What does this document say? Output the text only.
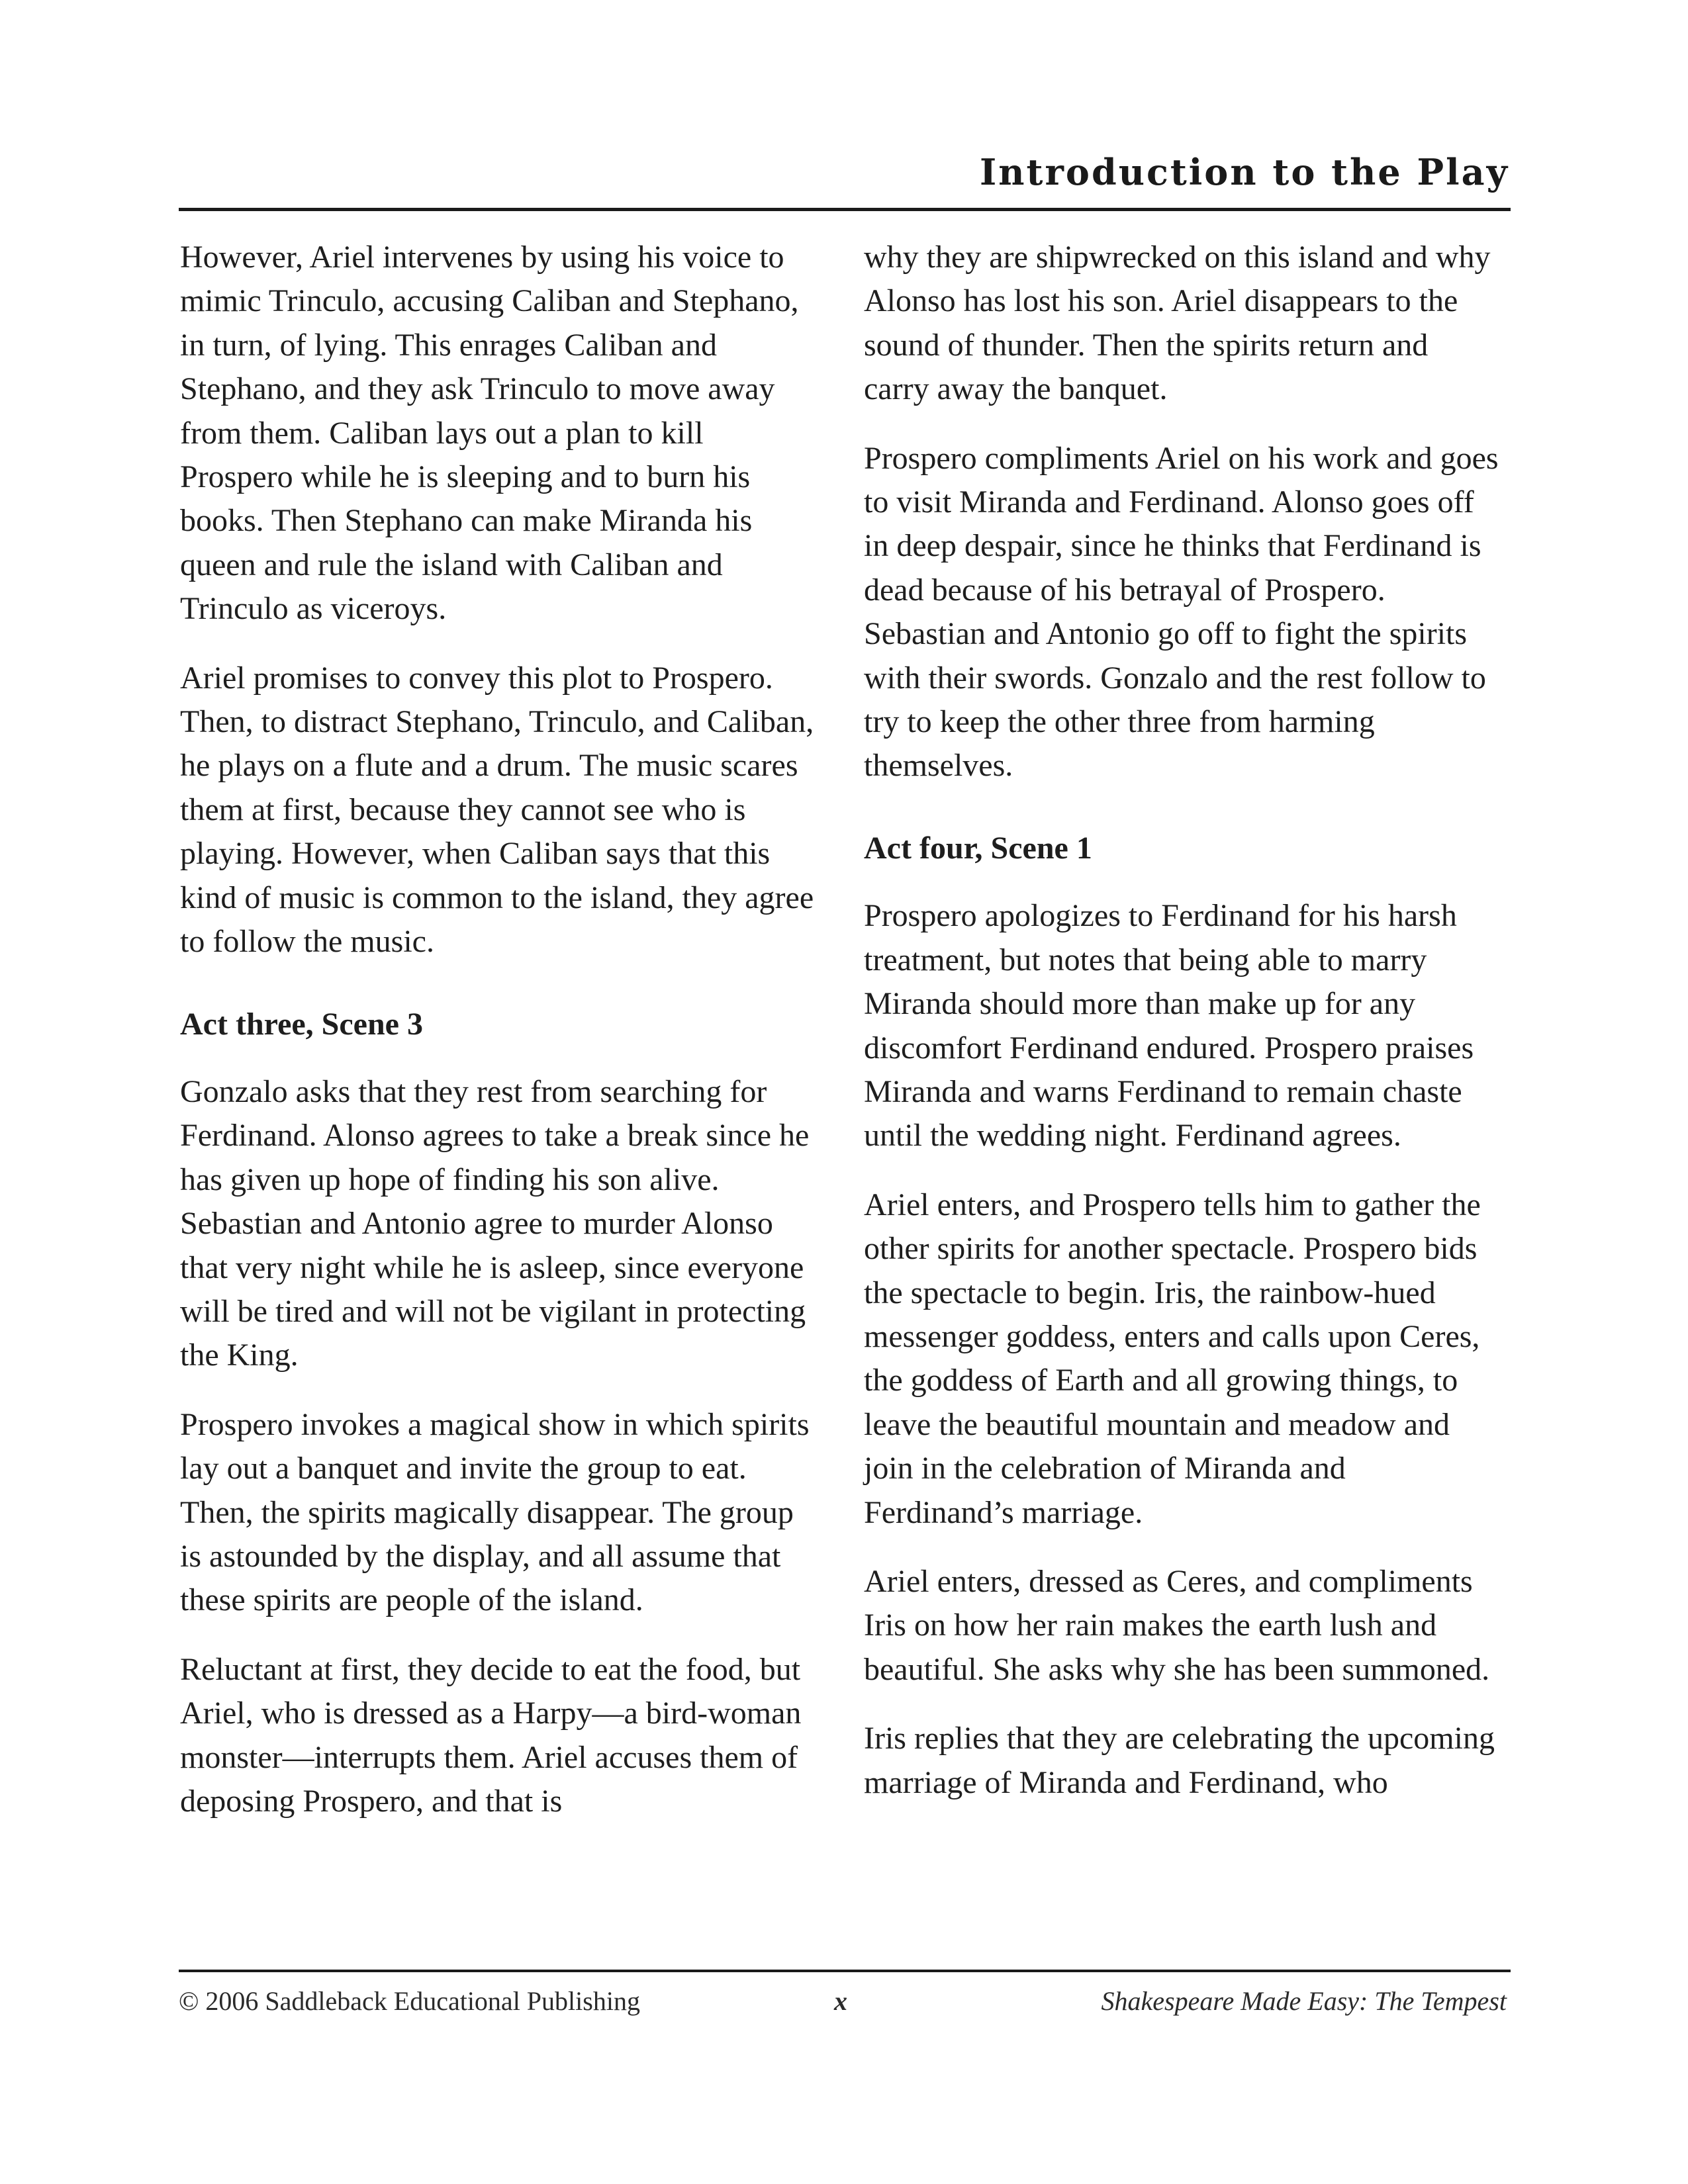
Introduction to the Play

However, Ariel intervenes by using his voice to mimic Trinculo, accusing Caliban and Stephano, in turn, of lying. This enrages Caliban and Stephano, and they ask Trinculo to move away from them. Caliban lays out a plan to kill Prospero while he is sleeping and to burn his books. Then Stephano can make Miranda his queen and rule the island with Caliban and Trinculo as viceroys.

Ariel promises to convey this plot to Prospero. Then, to distract Stephano, Trinculo, and Caliban, he plays on a flute and a drum. The music scares them at first, because they cannot see who is playing. However, when Caliban says that this kind of music is common to the island, they agree to follow the music.

Act three, Scene 3

Gonzalo asks that they rest from searching for Ferdinand. Alonso agrees to take a break since he has given up hope of finding his son alive. Sebastian and Antonio agree to murder Alonso that very night while he is asleep, since everyone will be tired and will not be vigilant in protecting the King.

Prospero invokes a magical show in which spirits lay out a banquet and invite the group to eat. Then, the spirits magically disappear. The group is astounded by the display, and all assume that these spirits are people of the island.

Reluctant at first, they decide to eat the food, but Ariel, who is dressed as a Harpy—a bird-woman monster—interrupts them. Ariel accuses them of deposing Prospero, and that is

why they are shipwrecked on this island and why Alonso has lost his son. Ariel disappears to the sound of thunder. Then the spirits return and carry away the banquet.

Prospero compliments Ariel on his work and goes to visit Miranda and Ferdinand. Alonso goes off in deep despair, since he thinks that Ferdinand is dead because of his betrayal of Prospero. Sebastian and Antonio go off to fight the spirits with their swords. Gonzalo and the rest follow to try to keep the other three from harming themselves.

Act four, Scene 1

Prospero apologizes to Ferdinand for his harsh treatment, but notes that being able to marry Miranda should more than make up for any discomfort Ferdinand endured. Prospero praises Miranda and warns Ferdinand to remain chaste until the wedding night. Ferdinand agrees.

Ariel enters, and Prospero tells him to gather the other spirits for another spectacle. Prospero bids the spectacle to begin. Iris, the rainbow-hued messenger goddess, enters and calls upon Ceres, the goddess of Earth and all growing things, to leave the beautiful mountain and meadow and join in the celebration of Miranda and Ferdinand’s marriage.

Ariel enters, dressed as Ceres, and compliments Iris on how her rain makes the earth lush and beautiful. She asks why she has been summoned.

Iris replies that they are celebrating the upcoming marriage of Miranda and Ferdinand, who

© 2006 Saddleback Educational Publishing	x	Shakespeare Made Easy: The Tempest
